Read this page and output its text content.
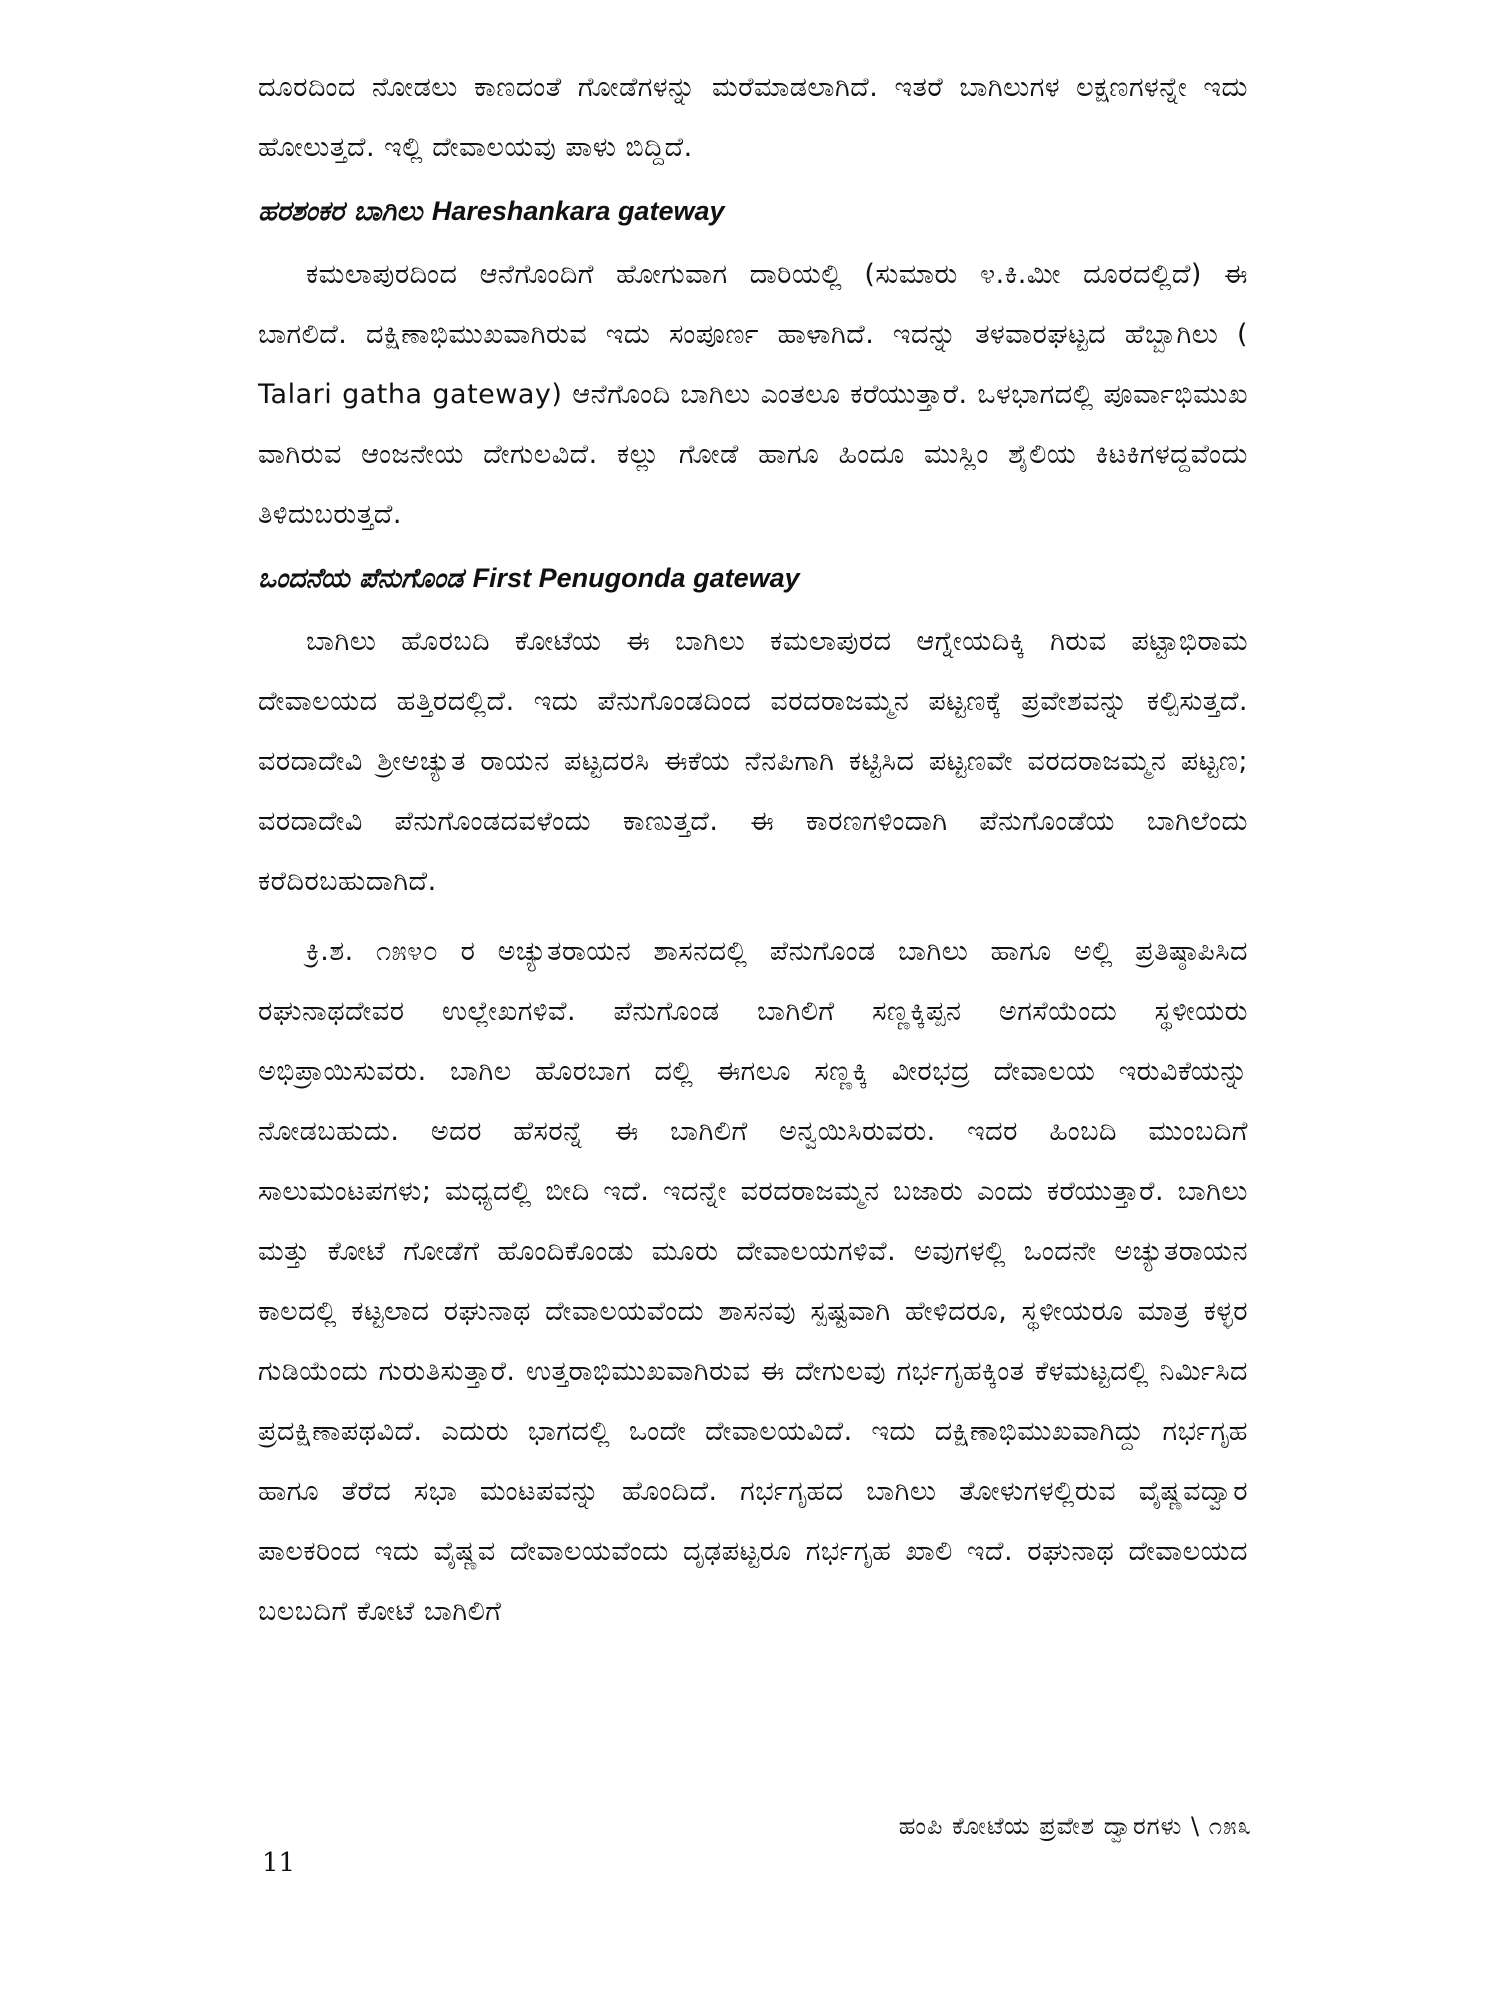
ದೂರದಿಂದ ನೋಡಲು ಕಾಣದಂತೆ ಗೋಡೆಗಳನ್ನು ಮರೆಮಾಡಲಾಗಿದೆ. ಇತರೆ ಬಾಗಿಲುಗಳ ಲಕ್ಷಣಗಳನ್ನೇ ಇದು ಹೋಲುತ್ತದೆ. ಇಲ್ಲಿ ದೇವಾಲಯವು ಪಾಳು ಬಿದ್ದಿದೆ.

ಹರಶಂಕರ ಬಾಗಿಲು Hareshankara gateway

ಕಮಲಾಪುರದಿಂದ ಆನೆಗೊಂದಿಗೆ ಹೋಗುವಾಗ ದಾರಿಯಲ್ಲಿ (ಸುಮಾರು ೪.ಕಿ.ಮೀ ದೂರದಲ್ಲಿದೆ) ಈ ಬಾಗಲಿದೆ. ದಕ್ಷಿಣಾಭಿಮುಖವಾಗಿರುವ ಇದು ಸಂಪೂರ್ಣ ಹಾಳಾಗಿದೆ. ಇದನ್ನು ತಳವಾರಘಟ್ಟದ ಹೆಬ್ಬಾಗಿಲು ( Talari gatha gateway) ಆನೆಗೊಂದಿ ಬಾಗಿಲು ಎಂತಲೂ ಕರೆಯುತ್ತಾರೆ. ಒಳಭಾಗದಲ್ಲಿ ಪೂರ್ವಾಭಿಮುಖ ವಾಗಿರುವ ಆಂಜನೇಯ ದೇಗುಲವಿದೆ. ಕಲ್ಲು ಗೋಡೆ ಹಾಗೂ ಹಿಂದೂ ಮುಸ್ಲಿಂ ಶೈಲಿಯ ಕಿಟಕಿಗಳದ್ದವೆಂದು ತಿಳಿದುಬರುತ್ತದೆ.

ಒಂದನೆಯ ಪೆನುಗೊಂಡ First Penugonda gateway

ಬಾಗಿಲು ಹೊರಬದಿ ಕೋಟೆಯ ಈ ಬಾಗಿಲು ಕಮಲಾಪುರದ ಆಗ್ನೇಯದಿಕ್ಕಿ ಗಿರುವ ಪಟ್ಟಾಭಿರಾಮ ದೇವಾಲಯದ ಹತ್ತಿರದಲ್ಲಿದೆ. ಇದು ಪೆನುಗೊಂಡದಿಂದ ವರದರಾಜಮ್ಮನ ಪಟ್ಟಣಕ್ಕೆ ಪ್ರವೇಶವನ್ನು ಕಲ್ಪಿಸುತ್ತದೆ. ವರದಾದೇವಿ ಶ್ರೀಅಚ್ಯುತ ರಾಯನ ಪಟ್ಟದರಸಿ ಈಕೆಯ ನೆನಪಿಗಾಗಿ ಕಟ್ಟಿಸಿದ ಪಟ್ಟಣವೇ ವರದರಾಜಮ್ಮನ ಪಟ್ಟಣ; ವರದಾದೇವಿ ಪೆನುಗೊಂಡದವಳೆಂದು ಕಾಣುತ್ತದೆ. ಈ ಕಾರಣಗಳಿಂದಾಗಿ ಪೆನುಗೊಂಡೆಯ ಬಾಗಿಲೆಂದು ಕರೆದಿರಬಹುದಾಗಿದೆ.

ಕ್ರಿ.ಶ. ೧೫೪೦ ರ ಅಚ್ಯುತರಾಯನ ಶಾಸನದಲ್ಲಿ ಪೆನುಗೊಂಡ ಬಾಗಿಲು ಹಾಗೂ ಅಲ್ಲಿ ಪ್ರತಿಷ್ಠಾಪಿಸಿದ ರಘುನಾಥದೇವರ ಉಲ್ಲೇಖಗಳಿವೆ. ಪೆನುಗೊಂಡ ಬಾಗಿಲಿಗೆ ಸಣ್ಣಕ್ಕಿಪ್ಪನ ಅಗಸೆಯೆಂದು ಸ್ಥಳೀಯರು ಅಭಿಪ್ರಾಯಿಸುವರು. ಬಾಗಿಲ ಹೊರಬಾಗ ದಲ್ಲಿ ಈಗಲೂ ಸಣ್ಣಕ್ಕಿ ವೀರಭದ್ರ ದೇವಾಲಯ ಇರುವಿಕೆಯನ್ನು ನೋಡಬಹುದು. ಅದರ ಹೆಸರನ್ನೆ ಈ ಬಾಗಿಲಿಗೆ ಅನ್ವಯಿಸಿರುವರು. ಇದರ ಹಿಂಬದಿ ಮುಂಬದಿಗೆ ಸಾಲುಮಂಟಪಗಳು; ಮಧ್ಯದಲ್ಲಿ ಬೀದಿ ಇದೆ. ಇದನ್ನೇ ವರದರಾಜಮ್ಮನ ಬಜಾರು ಎಂದು ಕರೆಯುತ್ತಾರೆ. ಬಾಗಿಲು ಮತ್ತು ಕೋಟೆ ಗೋಡೆಗೆ ಹೊಂದಿಕೊಂಡು ಮೂರು ದೇವಾಲಯಗಳಿವೆ. ಅವುಗಳಲ್ಲಿ ಒಂದನೇ ಅಚ್ಯುತರಾಯನ ಕಾಲದಲ್ಲಿ ಕಟ್ಟಲಾದ ರಘುನಾಥ ದೇವಾಲಯವೆಂದು ಶಾಸನವು ಸ್ಪಷ್ಟವಾಗಿ ಹೇಳಿದರೂ, ಸ್ಥಳೀಯರೂ ಮಾತ್ರ ಕಳ್ಳರ ಗುಡಿಯೆಂದು ಗುರುತಿಸುತ್ತಾರೆ. ಉತ್ತರಾಭಿಮುಖವಾಗಿರುವ ಈ ದೇಗುಲವು ಗರ್ಭಗೃಹಕ್ಕಿಂತ ಕೆಳಮಟ್ಟದಲ್ಲಿ ನಿರ್ಮಿಸಿದ ಪ್ರದಕ್ಷಿಣಾಪಥವಿದೆ. ಎದುರು ಭಾಗದಲ್ಲಿ ಒಂದೇ ದೇವಾಲಯವಿದೆ. ಇದು ದಕ್ಷಿಣಾಭಿಮುಖವಾಗಿದ್ದು ಗರ್ಭಗೃಹ ಹಾಗೂ ತೆರೆದ ಸಭಾ ಮಂಟಪವನ್ನು ಹೊಂದಿದೆ. ಗರ್ಭಗೃಹದ ಬಾಗಿಲು ತೋಳುಗಳಲ್ಲಿರುವ ವೈಷ್ಣವದ್ವಾರ ಪಾಲಕರಿಂದ ಇದು ವೈಷ್ಣವ ದೇವಾಲಯವೆಂದು ದೃಢಪಟ್ಟರೂ ಗರ್ಭಗೃಹ ಖಾಲಿ ಇದೆ. ರಘುನಾಥ ದೇವಾಲಯದ ಬಲಬದಿಗೆ ಕೋಟೆ ಬಾಗಿಲಿಗೆ

ಹಂಪಿ ಕೋಟೆಯ ಪ್ರವೇಶ ದ್ವಾರಗಳು \ ೧೫೩
11
